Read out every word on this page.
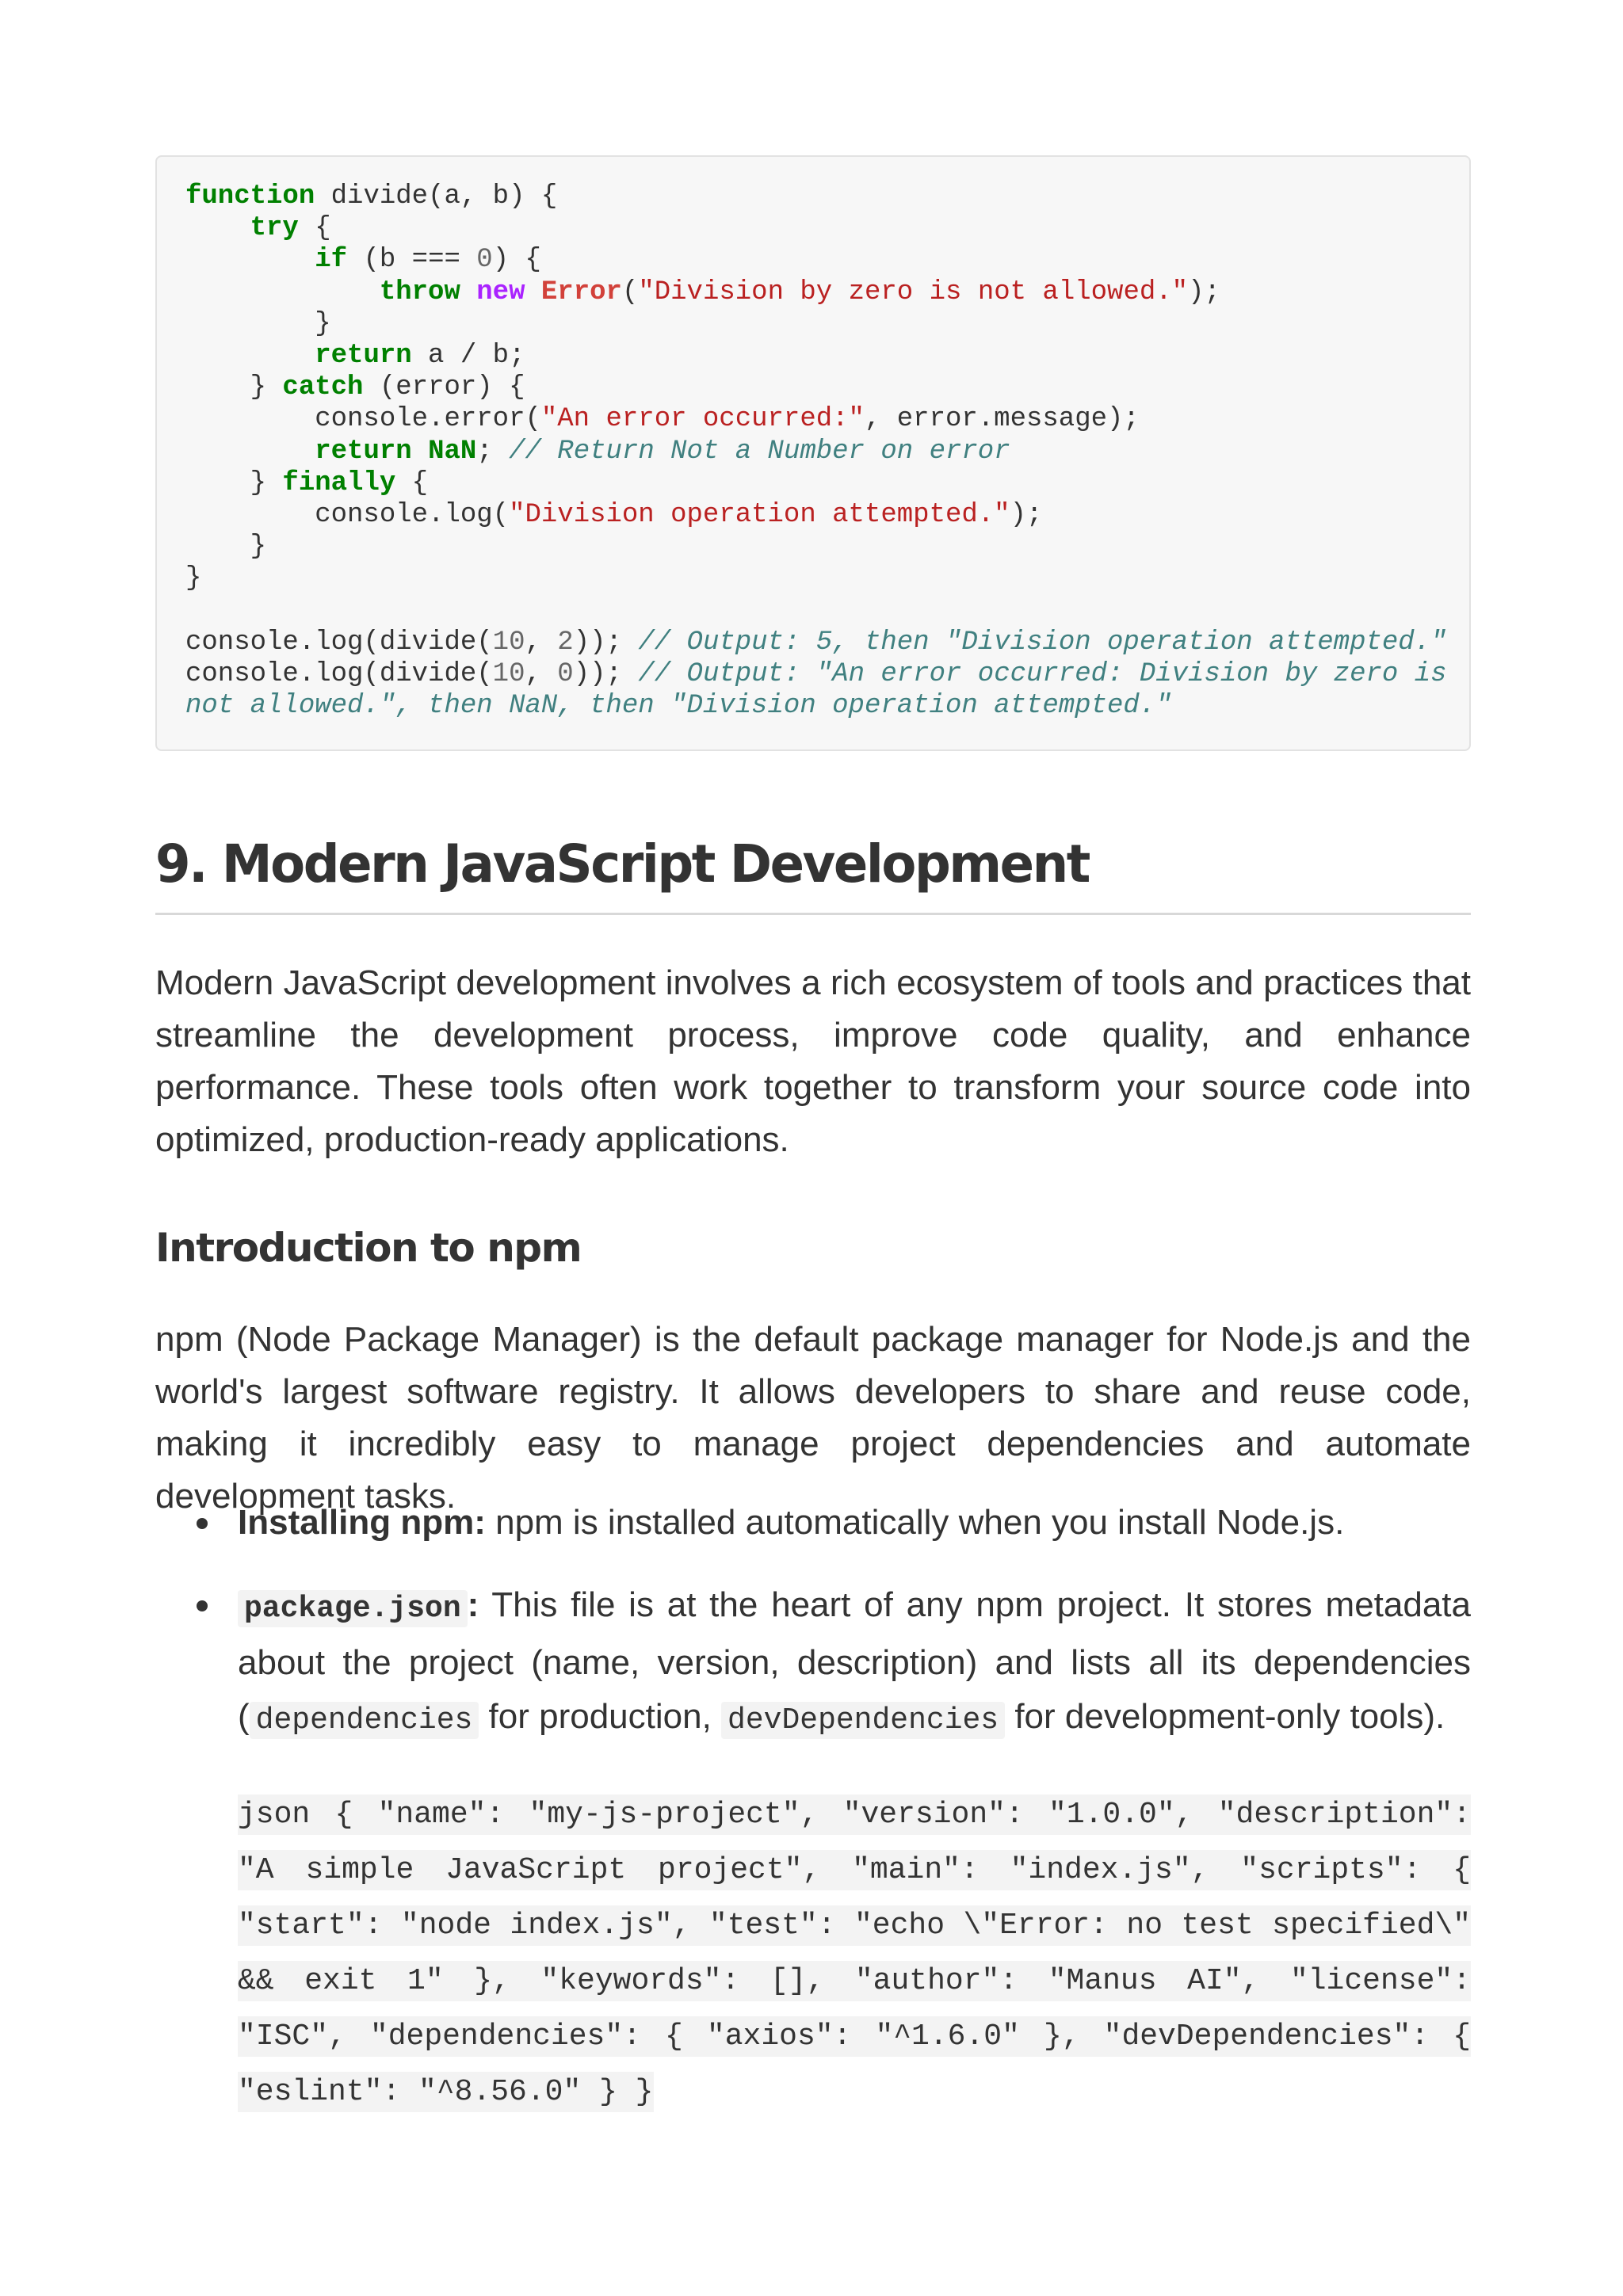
function divide(a, b) {
try {
if (b === 0) {
throw new Error("Division by zero is not allowed.");
}
return a / b;
} catch (error) {
console.error("An error occurred:", error.message);
return NaN; // Return Not a Number on error
} finally {
console.log("Division operation attempted.");
}
}

console.log(divide(10, 2)); // Output: 5, then "Division operation attempted."
console.log(divide(10, 0)); // Output: "An error occurred: Division by zero is
not allowed.", then NaN, then "Division operation attempted."
9. Modern JavaScript Development

Modern JavaScript development involves a rich ecosystem of tools and practices that streamline the development process, improve code quality, and enhance performance. These tools often work together to transform your source code into optimized, production-ready applications.

Introduction to npm

npm (Node Package Manager) is the default package manager for Node.js and the world's largest software registry. It allows developers to share and reuse code, making it incredibly easy to manage project dependencies and automate development tasks.

Installing npm: npm is installed automatically when you install Node.js.
package.json : This file is at the heart of any npm project. It stores metadata about the project (name, version, description) and lists all its dependencies ( dependencies for production, devDependencies for development-only tools).

json { "name": "my-js-project", "version": "1.0.0", "description": "A simple JavaScript project", "main": "index.js", "scripts": { "start": "node index.js", "test": "echo \"Error: no test specified\" && exit 1" }, "keywords": [], "author": "Manus AI", "license": "ISC", "dependencies": { "axios": "^1.6.0" }, "devDependencies": { "eslint": "^8.56.0" } }
